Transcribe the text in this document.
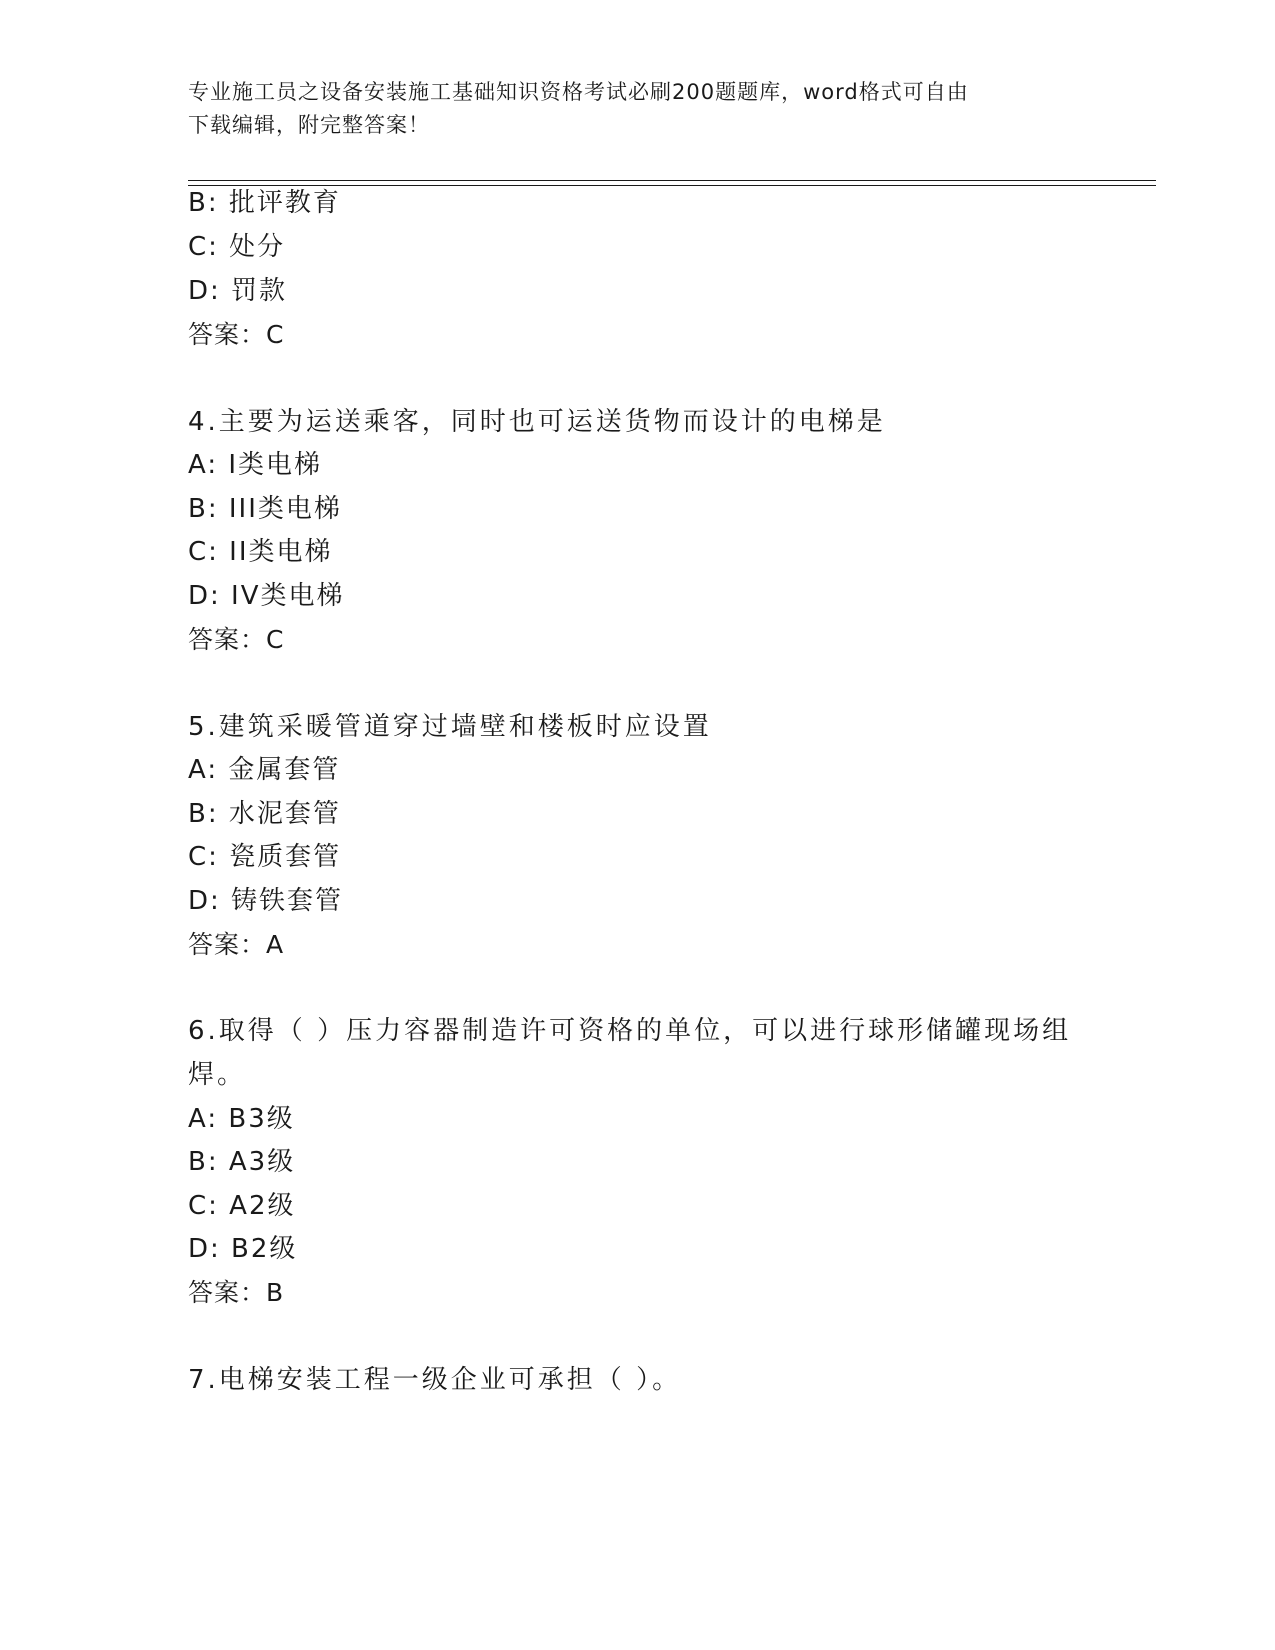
专业施工员之设备安装施工基础知识资格考试必刷200题题库，word格式可自由
下载编辑，附完整答案！
B: 批评教育
C: 处分
D: 罚款
答案：C
4.主要为运送乘客，同时也可运送货物而设计的电梯是
A: I类电梯
B: III类电梯
C: II类电梯
D: IV类电梯
答案：C
5.建筑采暖管道穿过墙壁和楼板时应设置
A: 金属套管
B: 水泥套管
C: 瓷质套管
D: 铸铁套管
答案：A
6.取得（ ）压力容器制造许可资格的单位，可以进行球形储罐现场组
焊。
A: B3级
B: A3级
C: A2级
D: B2级
答案：B
7.电梯安装工程一级企业可承担（ ）。
